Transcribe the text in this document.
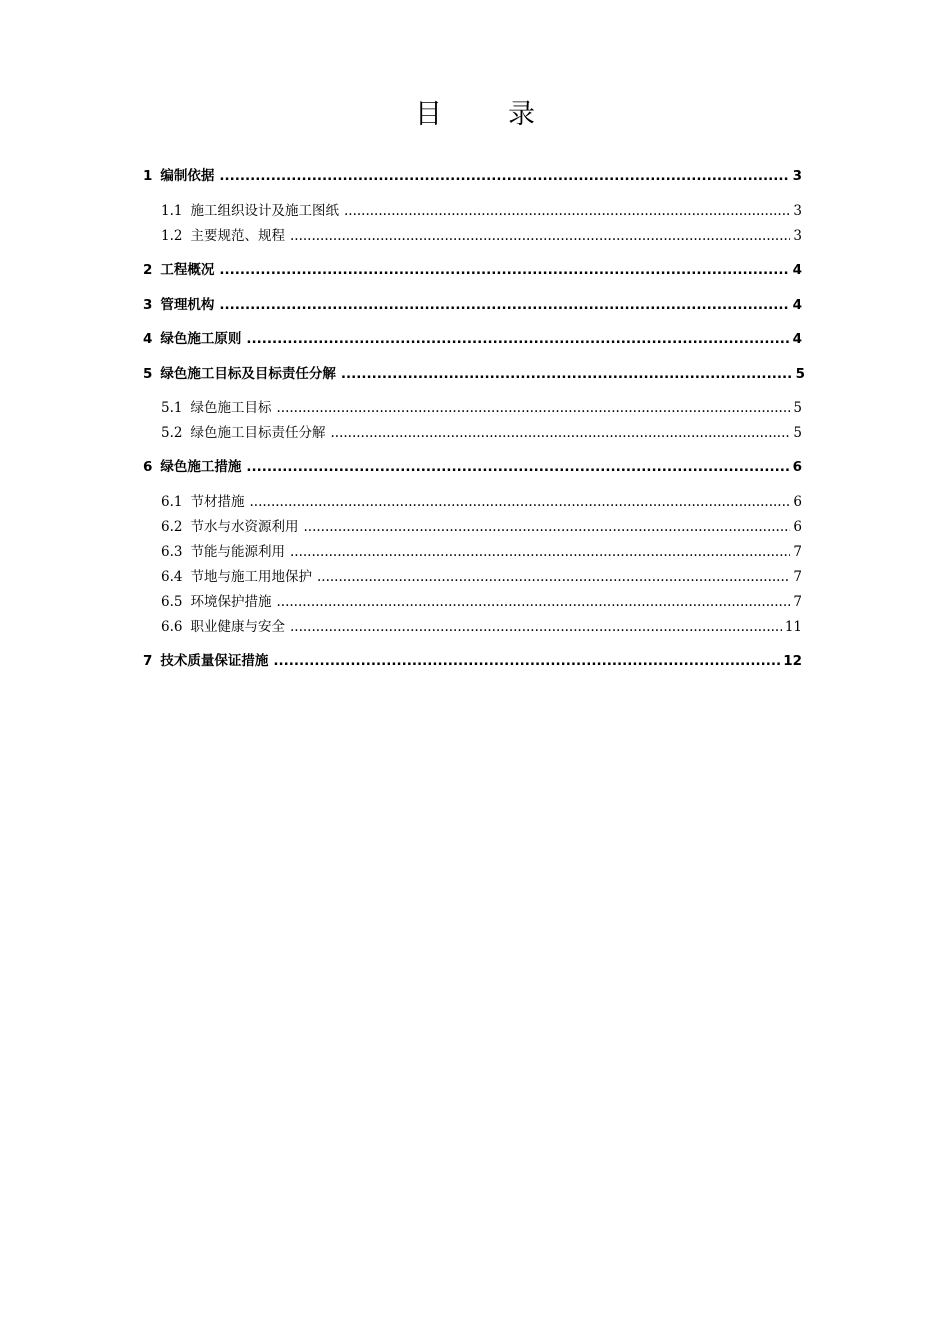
目 录
1 编制依据 .....	3
1.1 施工组织设计及施工图纸 .....	3
1.2 主要规范、规程 .....	3
2 工程概况 .....	4
3 管理机构 .....	4
4 绿色施工原则 .....	4
5 绿色施工目标及目标责任分解 .....	5
5.1 绿色施工目标 .....	5
5.2 绿色施工目标责任分解 .....	5
6 绿色施工措施 .....	6
6.1 节材措施 .....	6
6.2 节水与水资源利用 .....	6
6.3 节能与能源利用 .....	7
6.4 节地与施工用地保护 .....	7
6.5 环境保护措施 .....	7
6.6 职业健康与安全 .....	11
7 技术质量保证措施 .....	12
